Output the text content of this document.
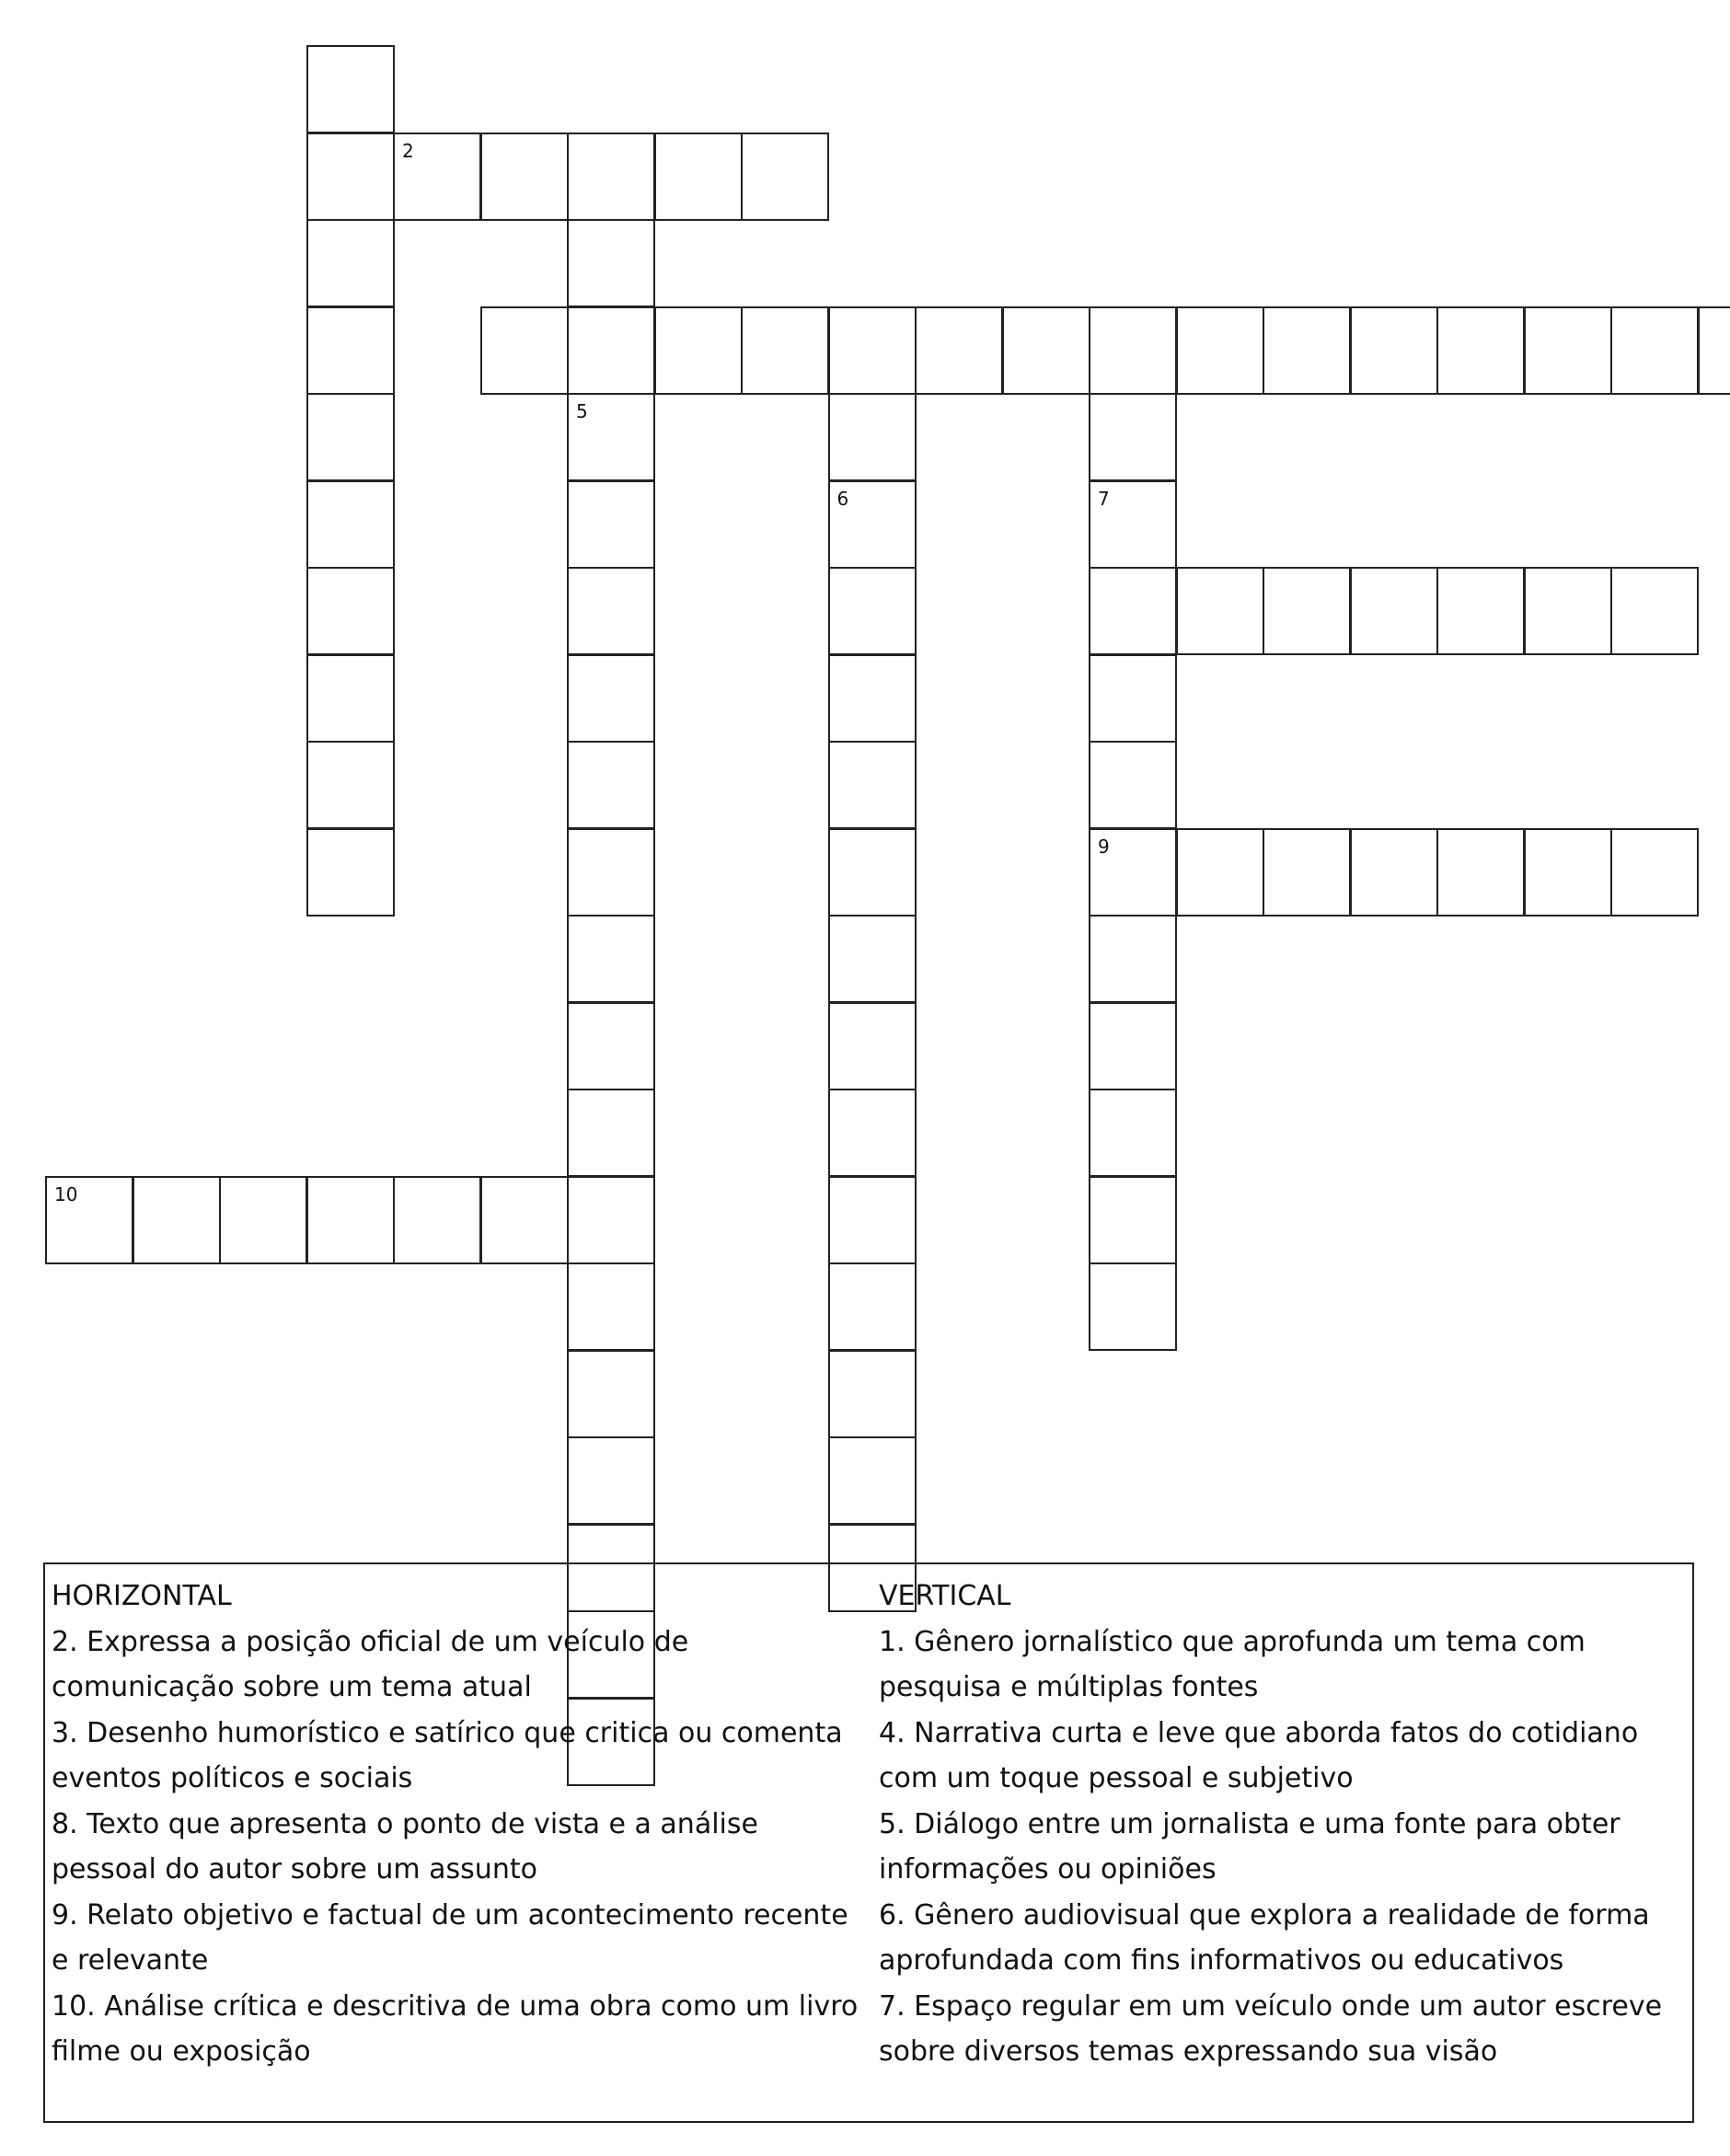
2
5
6	7
9
10
HORIZONTAL
2. Expressa a posição oficial de um veículo de comunicação sobre um tema atual
3. Desenho humorístico e satírico que critica ou comenta eventos políticos e sociais
8. Texto que apresenta o ponto de vista e a análise pessoal do autor sobre um assunto
9. Relato objetivo e factual de um acontecimento recente e relevante
10. Análise crítica e descritiva de uma obra como um livro filme ou exposição
VERTICAL
1. Gênero jornalístico que aprofunda um tema com pesquisa e múltiplas fontes
4. Narrativa curta e leve que aborda fatos do cotidiano com um toque pessoal e subjetivo
5. Diálogo entre um jornalista e uma fonte para obter informações ou opiniões
6. Gênero audiovisual que explora a realidade de forma aprofundada com fins informativos ou educativos
7. Espaço regular em um veículo onde um autor escreve sobre diversos temas expressando sua visão
